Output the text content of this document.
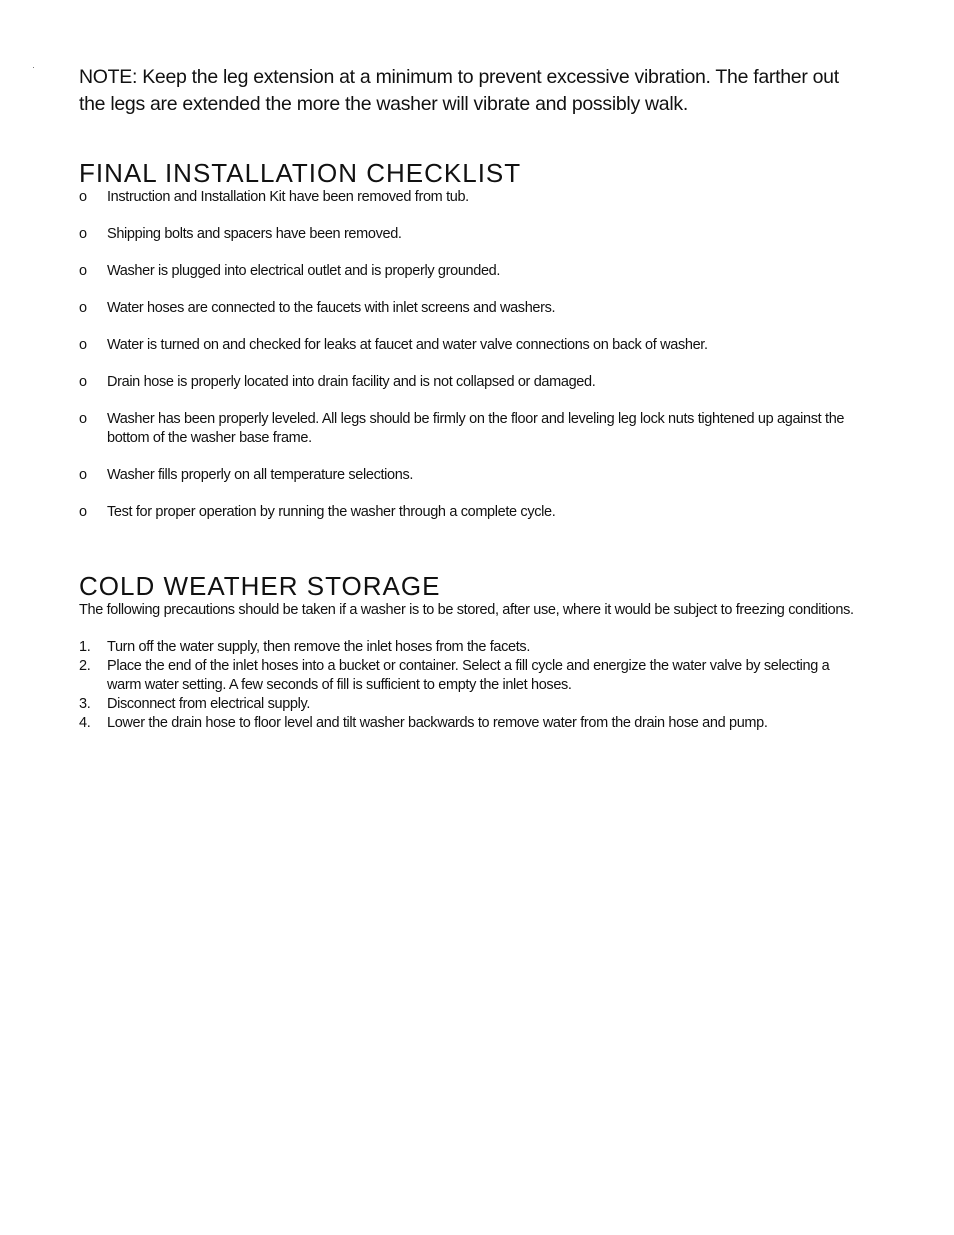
NOTE: Keep the leg extension at a minimum to prevent excessive vibration. The farther out the legs are extended the more the washer will vibrate and possibly walk.

FINAL INSTALLATION CHECKLIST
o Instruction and Installation Kit have been removed from tub.
o Shipping bolts and spacers have been removed.
o Washer is plugged into electrical outlet and is properly grounded.
o Water hoses are connected to the faucets with inlet screens and washers.
o Water is turned on and checked for leaks at faucet and water valve connections on back of washer.
o Drain hose is properly located into drain facility and is not collapsed or damaged.
o Washer has been properly leveled. All legs should be firmly on the floor and leveling leg lock nuts tightened up against the bottom of the washer base frame.
o Washer fills properly on all temperature selections.
o Test for proper operation by running the washer through a complete cycle.
COLD WEATHER STORAGE

The following precautions should be taken if a washer is to be stored, after use, where it would be subject to freezing conditions.

1. Turn off the water supply, then remove the inlet hoses from the facets.
2. Place the end of the inlet hoses into a bucket or container. Select a fill cycle and energize the water valve by selecting a warm water setting. A few seconds of fill is sufficient to empty the inlet hoses.
3. Disconnect from electrical supply.
4. Lower the drain hose to floor level and tilt washer backwards to remove water from the drain hose and pump.
